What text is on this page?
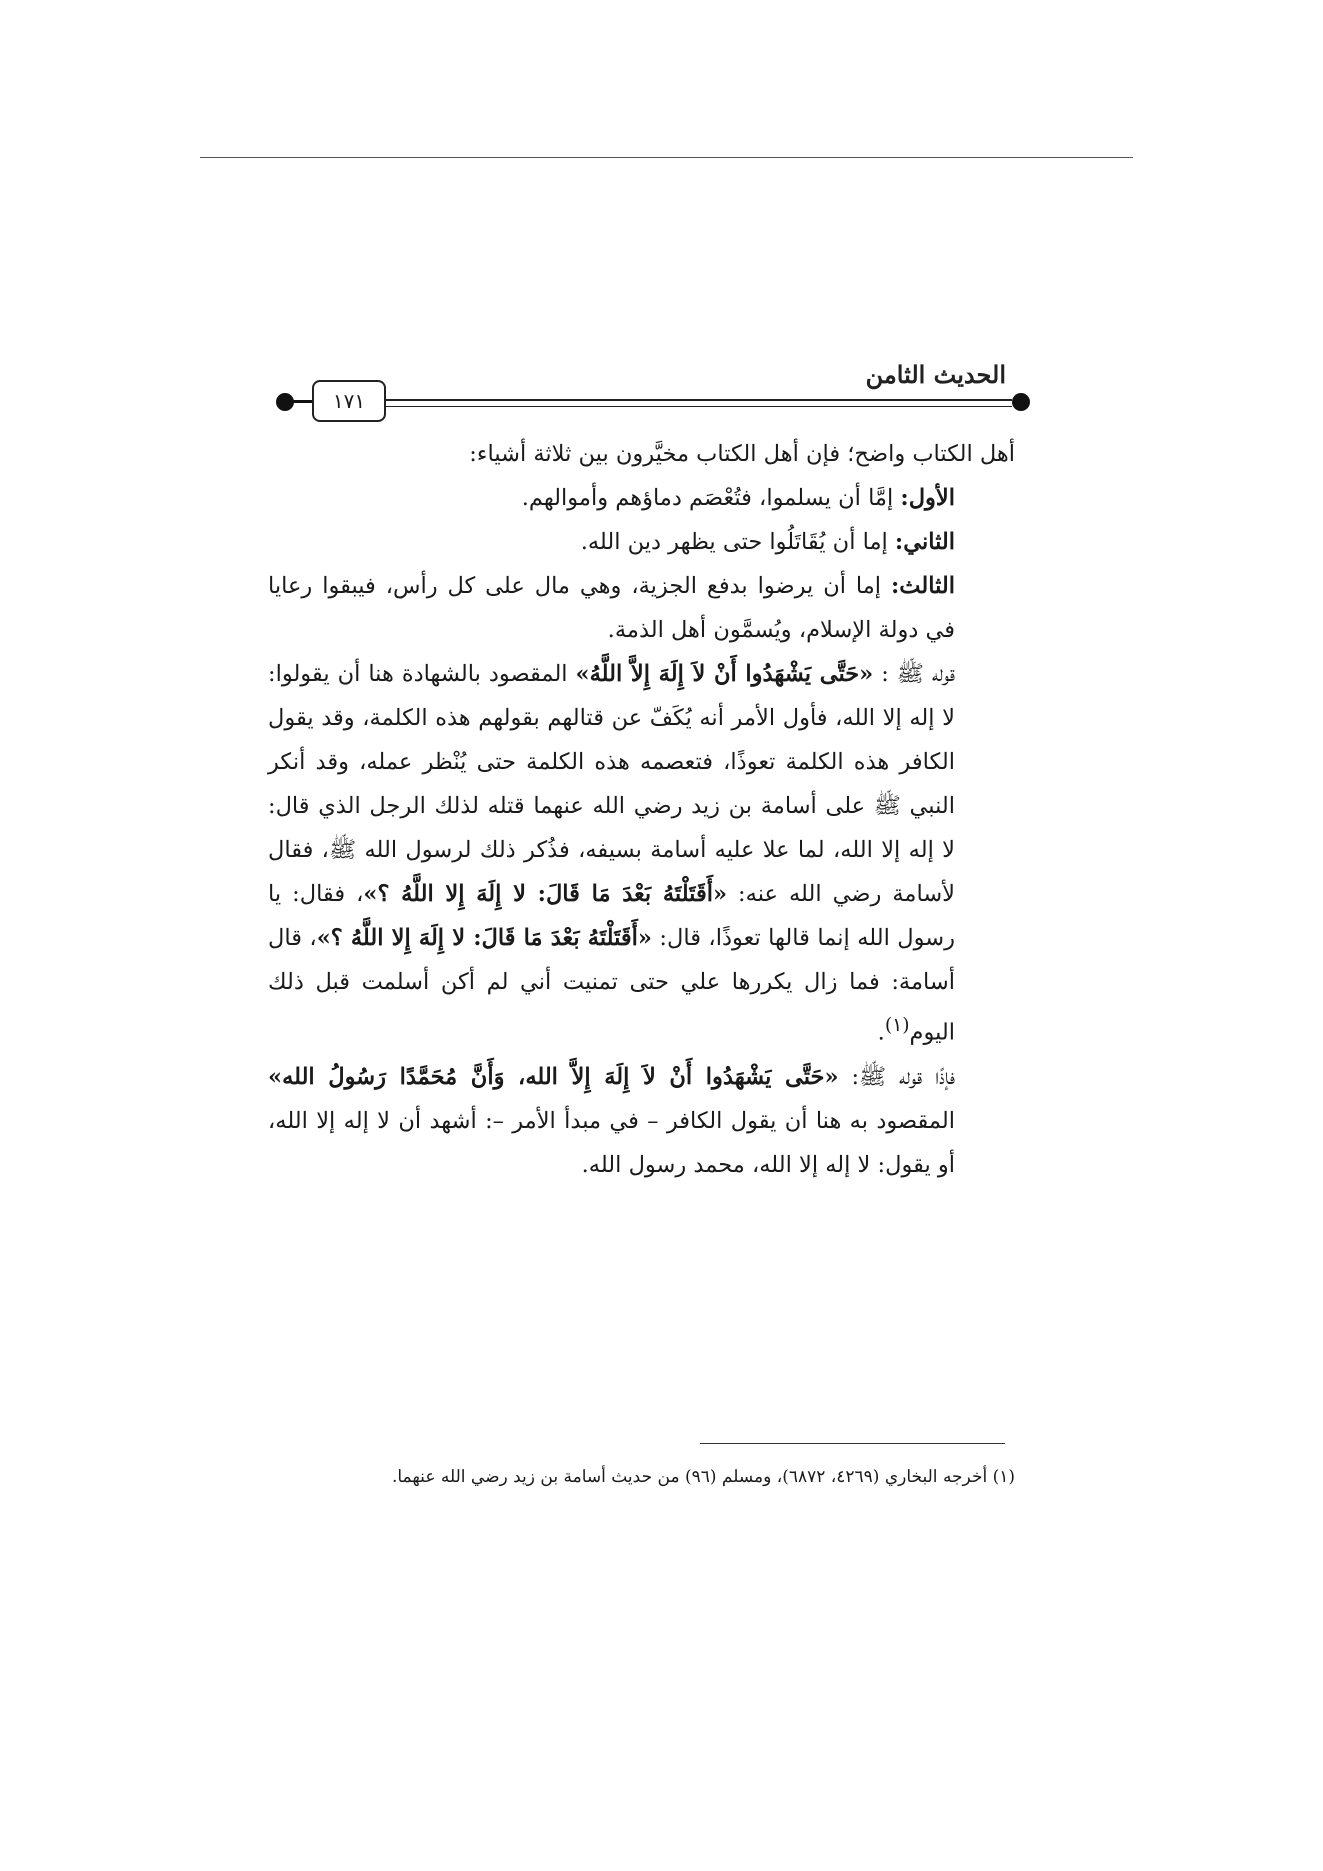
الحديث الثامن
١٧١

أهل الكتاب واضح؛ فإن أهل الكتاب مخيَّرون بين ثلاثة أشياء:

الأول: إمَّا أن يسلموا، فتُعْصَم دماؤهم وأموالهم.

الثاني: إما أن يُقَاتَلُوا حتى يظهر دين الله.

الثالث: إما أن يرضوا بدفع الجزية، وهي مال على كل رأس، فيبقوا رعايا في دولة الإسلام، ويُسمَّون أهل الذمة.

قوله ﷺ : «حَتَّى يَشْهَدُوا أَنْ لاَ إِلَهَ إِلاَّ اللَّهُ» المقصود بالشهادة هنا أن يقولوا: لا إله إلا الله، فأول الأمر أنه يُكَفّ عن قتالهم بقولهم هذه الكلمة، وقد يقول الكافر هذه الكلمة تعوذًا، فتعصمه هذه الكلمة حتى يُنْظر عمله، وقد أنكر النبي ﷺ على أسامة بن زيد رضي الله عنهما قتله لذلك الرجل الذي قال: لا إله إلا الله، لما علا عليه أسامة بسيفه، فذُكر ذلك لرسول الله ﷺ، فقال لأسامة رضي الله عنه: «أَقَتَلْتَهُ بَعْدَ مَا قَالَ: لا إِلَهَ إِلا اللَّهُ ؟»، فقال: يا رسول الله إنما قالها تعوذًا، قال: «أَقَتَلْتَهُ بَعْدَ مَا قَالَ: لا إِلَهَ إِلا اللَّهُ ؟»، قال أسامة: فما زال يكررها علي حتى تمنيت أني لم أكن أسلمت قبل ذلك اليوم$^{(١)}$.

فإذًا قوله ﷺ: «حَتَّى يَشْهَدُوا أَنْ لاَ إِلَهَ إِلاَّ الله، وَأَنَّ مُحَمَّدًا رَسُولُ الله» المقصود به هنا أن يقول الكافر – في مبدأ الأمر –: أشهد أن لا إله إلا الله، أو يقول: لا إله إلا الله، محمد رسول الله.

(١) أخرجه البخاري (٤٢٦٩، ٦٨٧٢)، ومسلم (٩٦) من حديث أسامة بن زيد رضي الله عنهما.
